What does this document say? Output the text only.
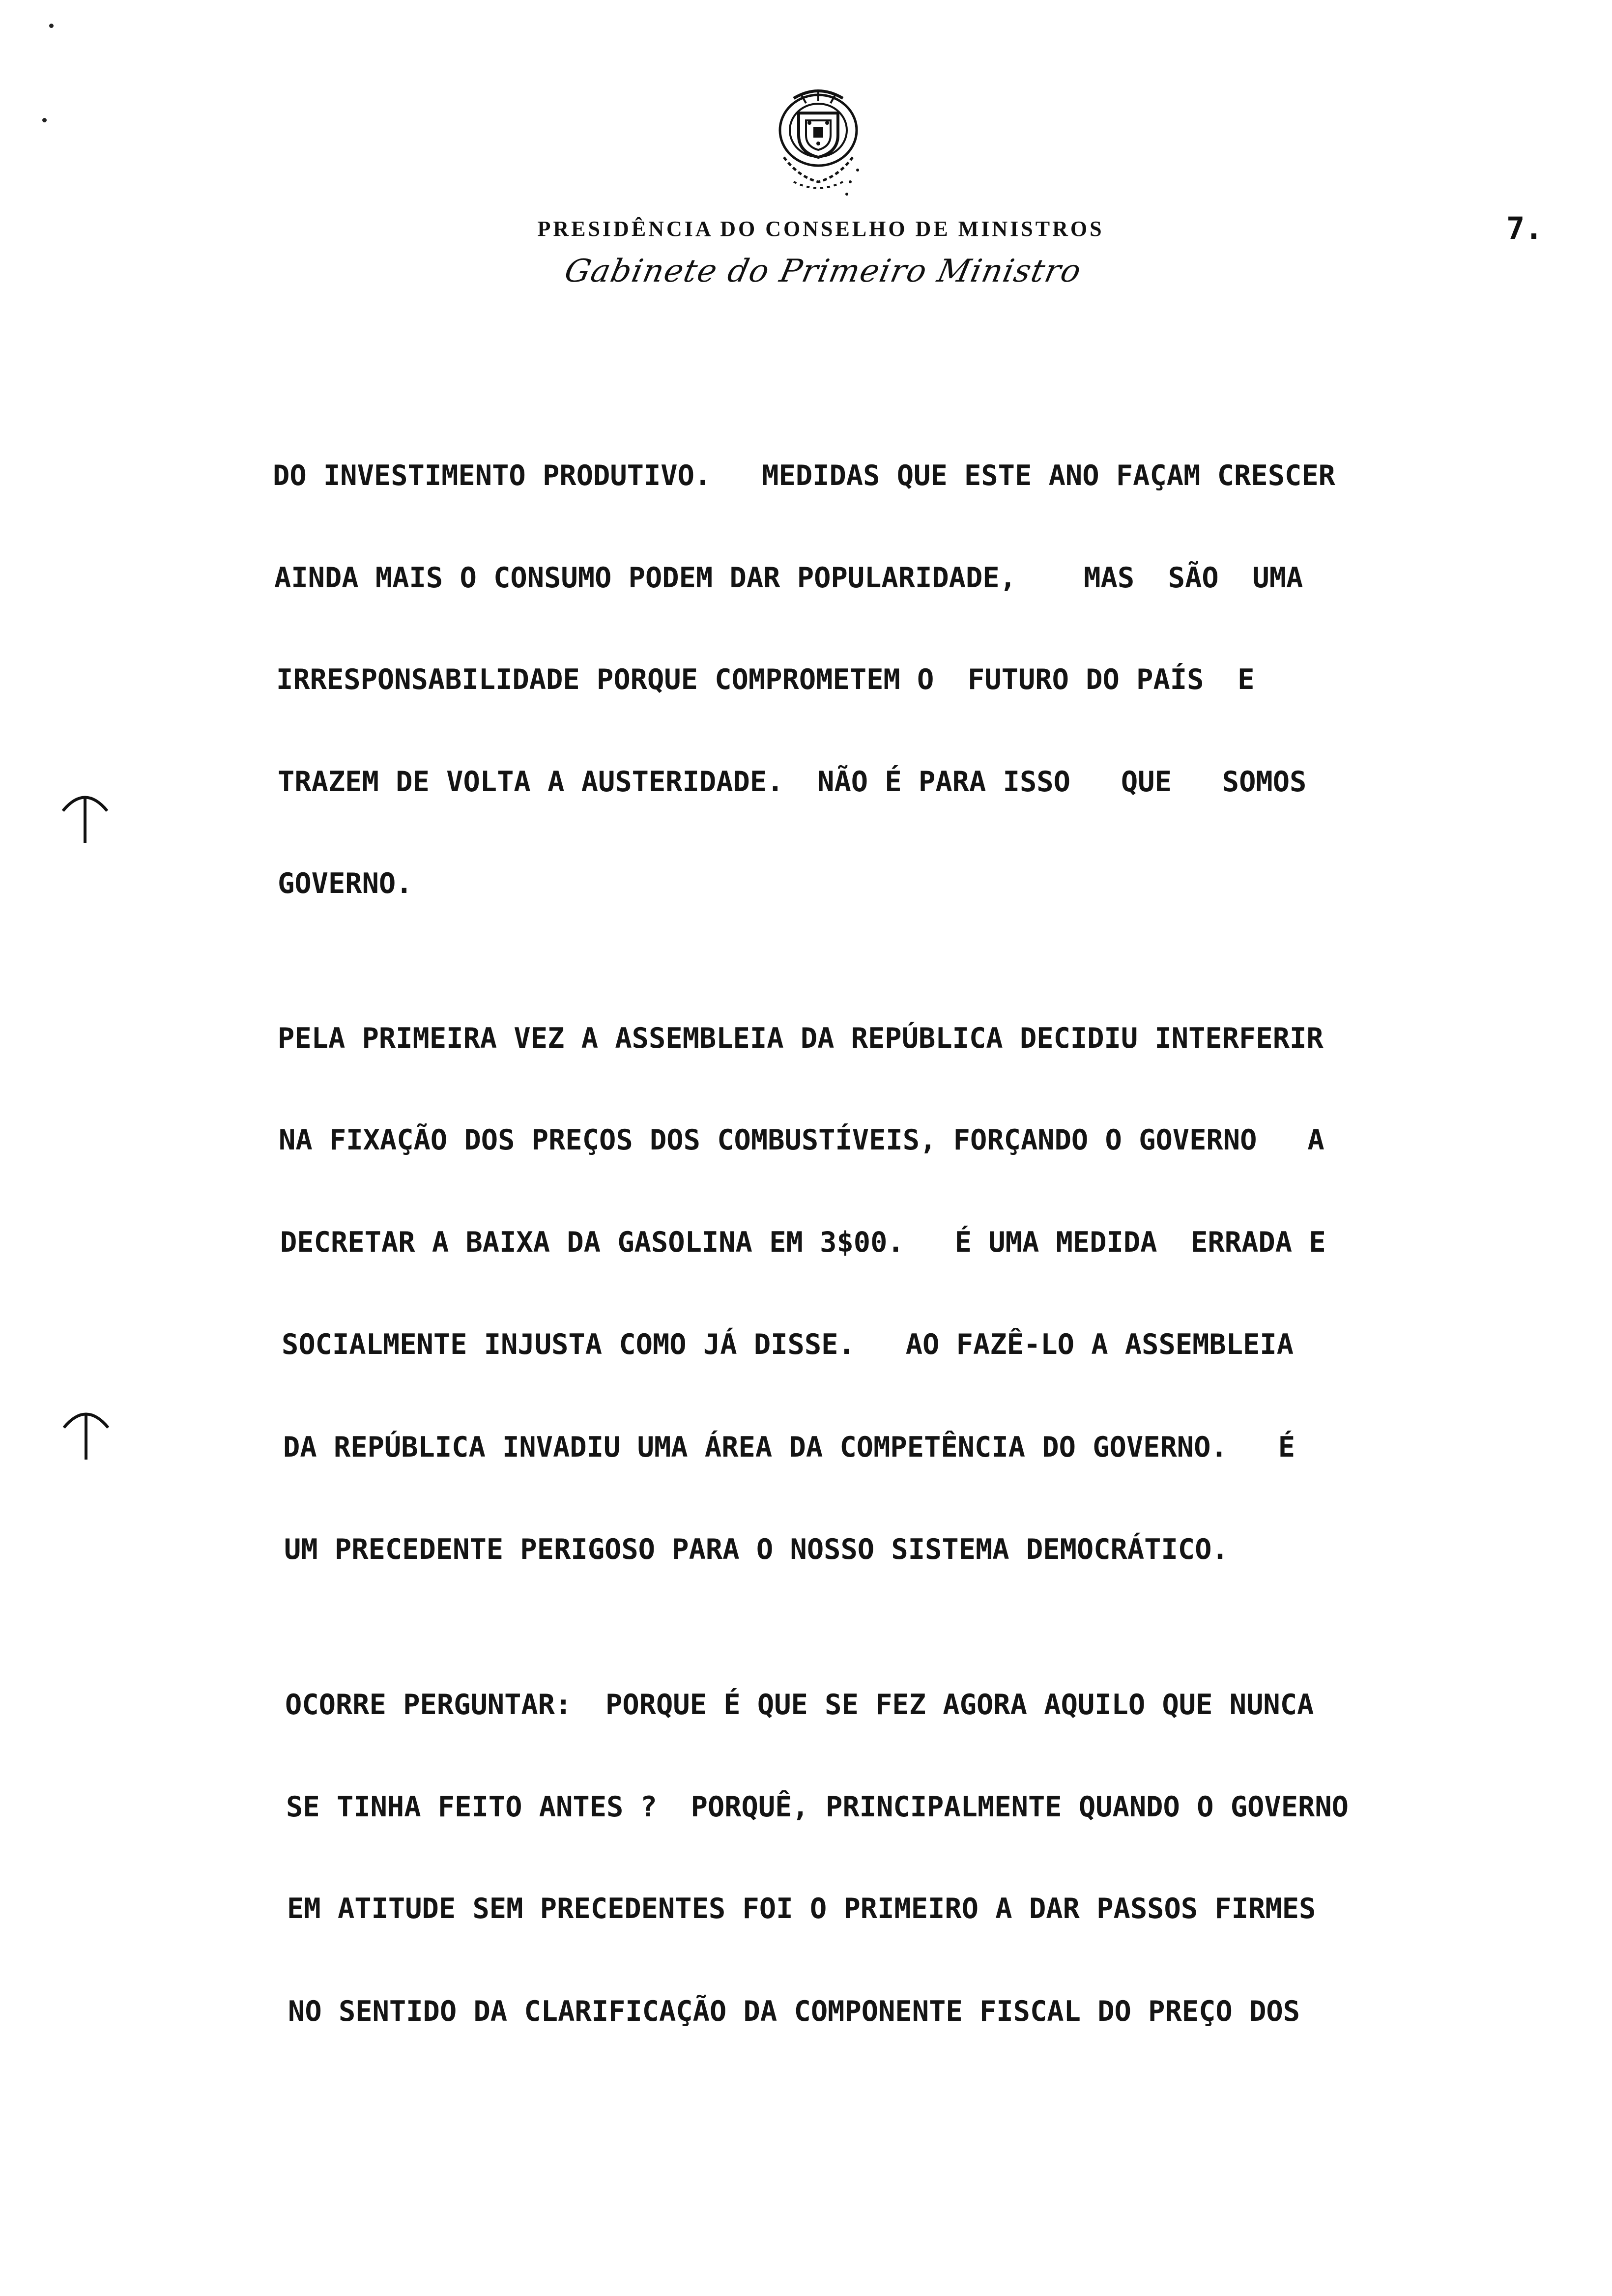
PRESIDÊNCIA DO CONSELHO DE MINISTROS
Gabinete do Primeiro Ministro
7.
DO INVESTIMENTO PRODUTIVO.   MEDIDAS QUE ESTE ANO FAÇAM CRESCER
AINDA MAIS O CONSUMO PODEM DAR POPULARIDADE,    MAS  SÃO  UMA
IRRESPONSABILIDADE PORQUE COMPROMETEM O  FUTURO DO PAÍS  E
TRAZEM DE VOLTA A AUSTERIDADE.  NÃO É PARA ISSO   QUE   SOMOS
GOVERNO.
PELA PRIMEIRA VEZ A ASSEMBLEIA DA REPÚBLICA DECIDIU INTERFERIR
NA FIXAÇÃO DOS PREÇOS DOS COMBUSTÍVEIS, FORÇANDO O GOVERNO   A
DECRETAR A BAIXA DA GASOLINA EM 3$00.   É UMA MEDIDA  ERRADA E
SOCIALMENTE INJUSTA COMO JÁ DISSE.   AO FAZÊ-LO A ASSEMBLEIA
DA REPÚBLICA INVADIU UMA ÁREA DA COMPETÊNCIA DO GOVERNO.   É
UM PRECEDENTE PERIGOSO PARA O NOSSO SISTEMA DEMOCRÁTICO.
OCORRE PERGUNTAR:  PORQUE É QUE SE FEZ AGORA AQUILO QUE NUNCA
SE TINHA FEITO ANTES ?  PORQUÊ, PRINCIPALMENTE QUANDO O GOVERNO
EM ATITUDE SEM PRECEDENTES FOI O PRIMEIRO A DAR PASSOS FIRMES
NO SENTIDO DA CLARIFICAÇÃO DA COMPONENTE FISCAL DO PREÇO DOS
